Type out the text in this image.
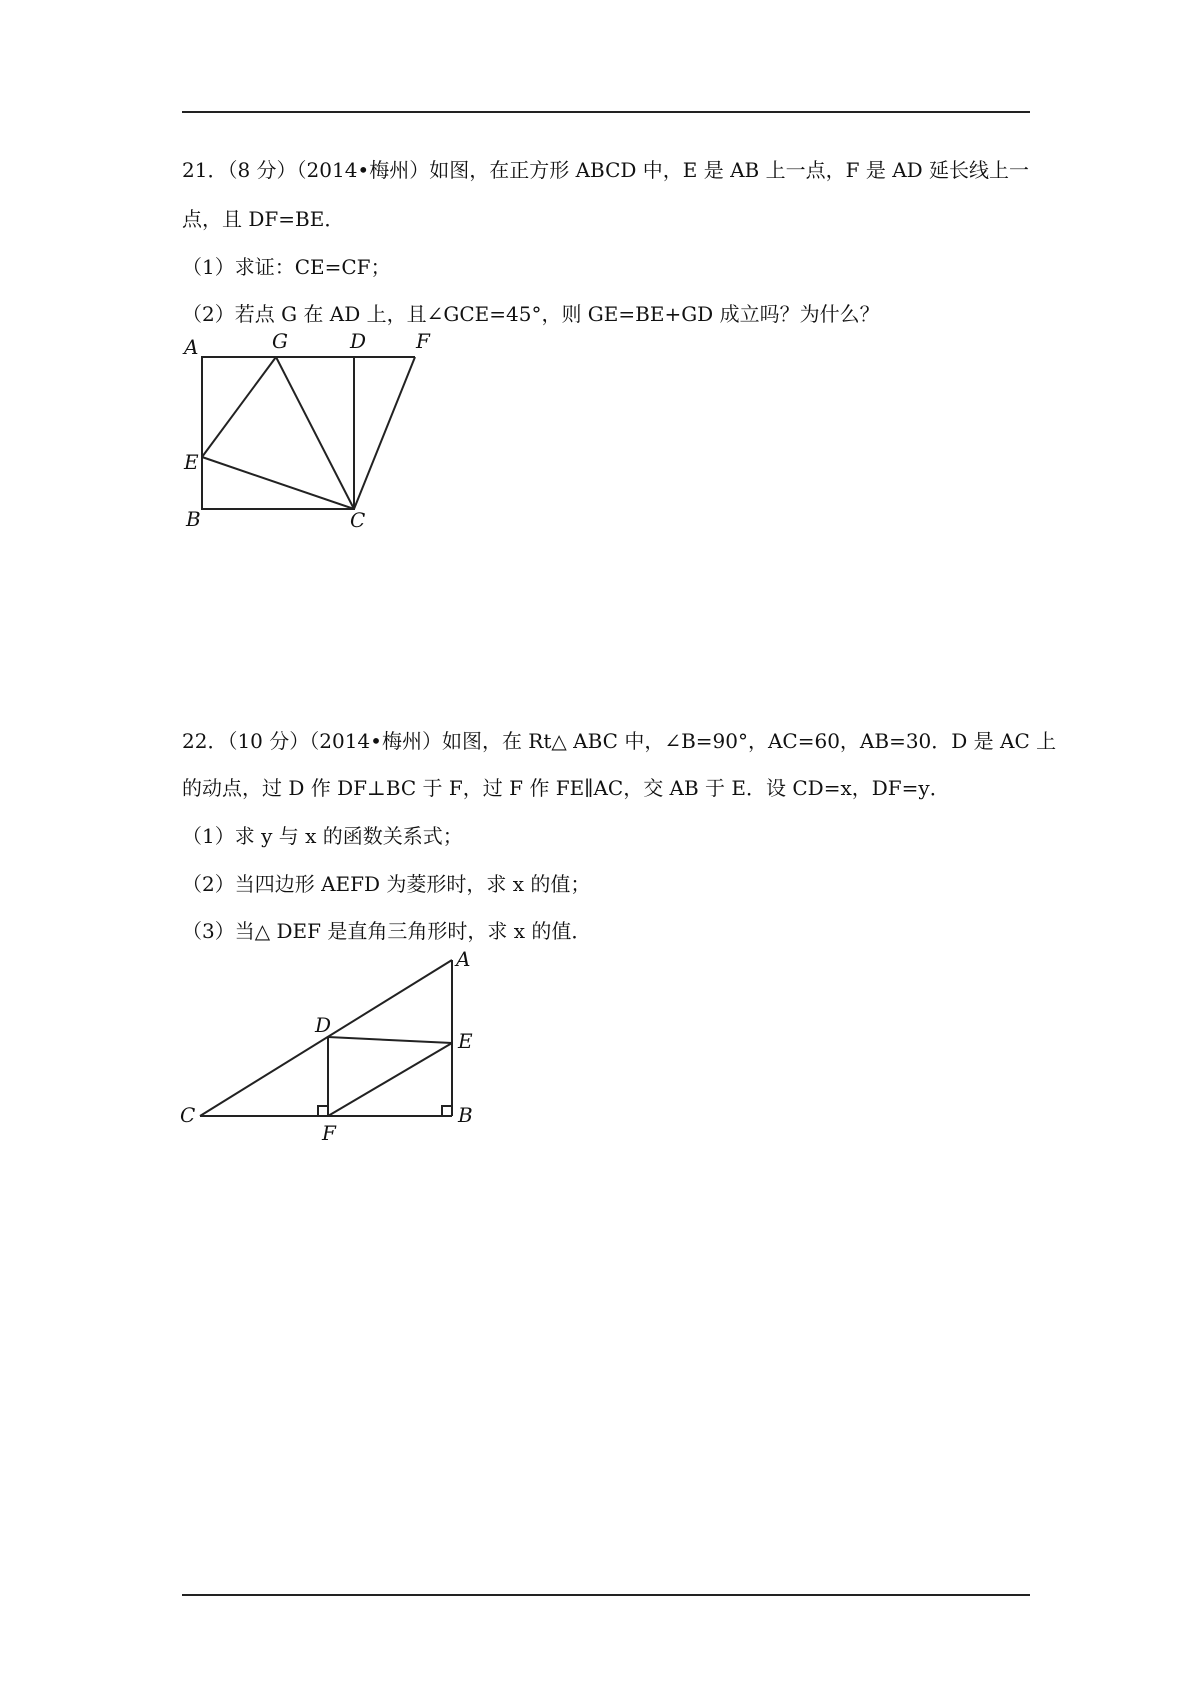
21．（8 分）（2014•梅州）如图，在正方形 ABCD 中，E 是 AB 上一点，F 是 AD 延长线上一
点，且 DF=BE．
（1）求证：CE=CF；
（2）若点 G 在 AD 上，且∠GCE=45°，则 GE=BE+GD 成立吗？为什么？
A	G	D F
E
B	C
22．（10 分）（2014•梅州）如图，在 Rt△ ABC 中，∠B=90°，AC=60，AB=30．D 是 AC 上
的动点，过 D 作 DF⊥BC 于 F，过 F 作 FE∥AC，交 AB 于 E．设 CD=x，DF=y．
（1）求 y 与 x 的函数关系式；
（2）当四边形 AEFD 为菱形时，求 x 的值；
（3）当△ DEF 是直角三角形时，求 x 的值．
A
D
E
C
F
B
